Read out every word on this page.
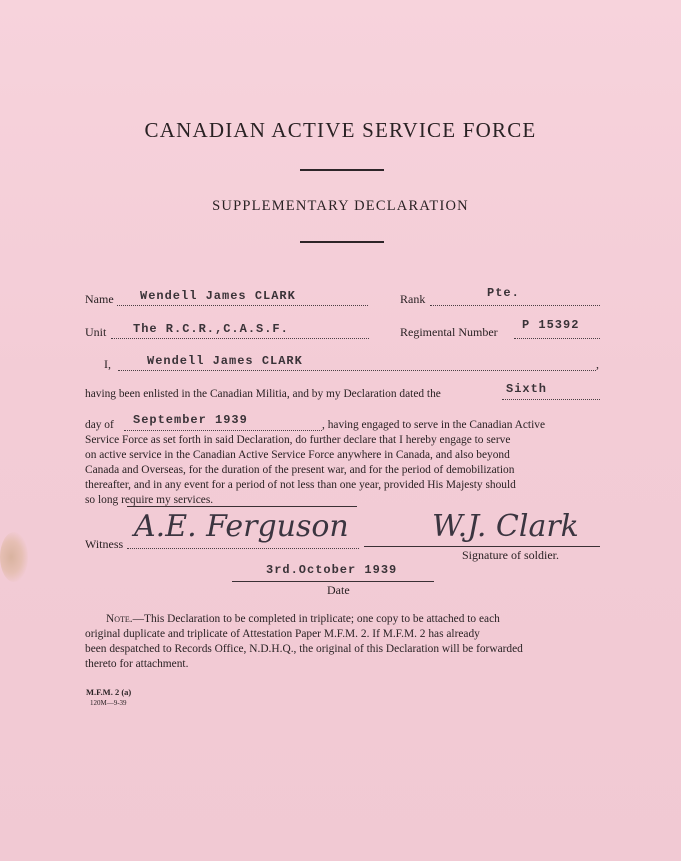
CANADIAN ACTIVE SERVICE FORCE
SUPPLEMENTARY DECLARATION
Name Wendell James CLARK	Rank	Pte.
Unit The R.C.R.,C.A.S.F.	Regimental Number P 15392
I,	Wendell James CLARK	,
having been enlisted in the Canadian Militia, and by my Declaration dated the	Sixth
day of September 1939	, having engaged to serve in the Canadian Active
Service Force as set forth in said Declaration, do further declare that I hereby engage to serve
on active service in the Canadian Active Service Force anywhere in Canada, and also beyond
Canada and Overseas, for the duration of the present war, and for the period of demobilization
thereafter, and in any event for a period of not less than one year, provided His Majesty should
so long require my services.
Witness A.E. Ferguson	W.J. Clark
Signature of soldier.
3rd.October 1939
Date
Note.—This Declaration to be completed in triplicate; one copy to be attached to each
original duplicate and triplicate of Attestation Paper M.F.M. 2. If M.F.M. 2 has already
been despatched to Records Office, N.D.H.Q., the original of this Declaration will be forwarded
thereto for attachment.
M.F.M. 2 (a)
120M—9-39
